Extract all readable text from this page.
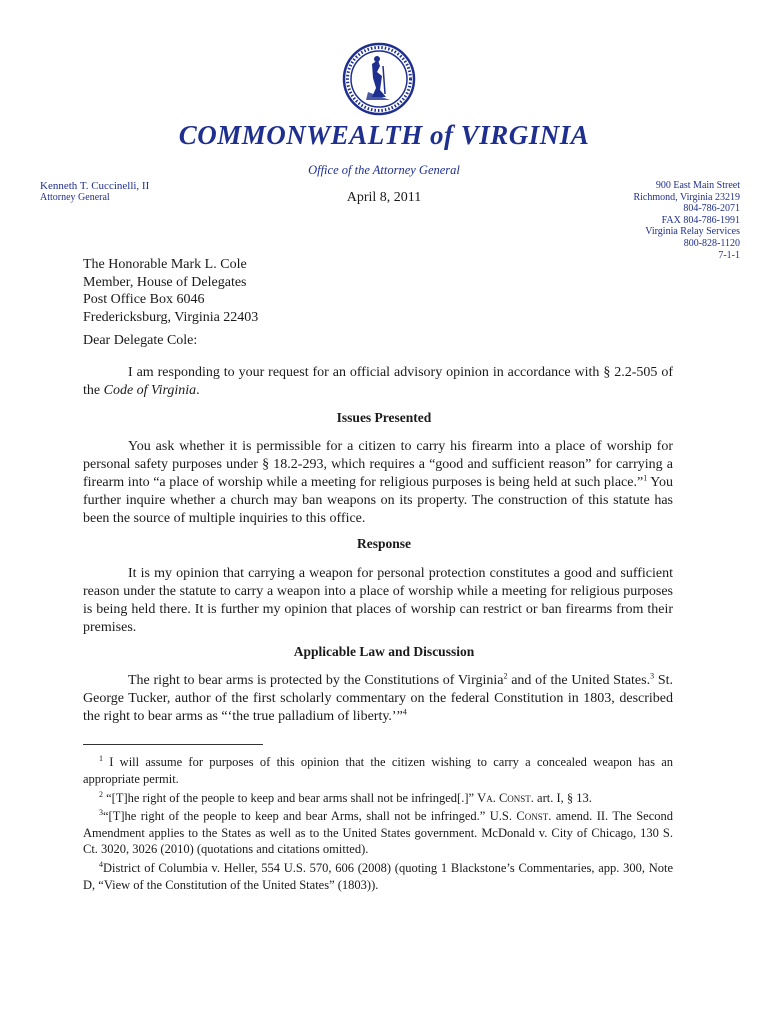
COMMONWEALTH of VIRGINIA
Office of the Attorney General
Kenneth T. Cuccinelli, II
Attorney General	April 8, 2011
900 East Main Street
Richmond, Virginia 23219
804-786-2071
FAX 804-786-1991
Virginia Relay Services
800-828-1120
7-1-1
The Honorable Mark L. Cole
Member, House of Delegates
Post Office Box 6046
Fredericksburg, Virginia 22403
Dear Delegate Cole:
I am responding to your request for an official advisory opinion in accordance with § 2.2-505 of the Code of Virginia.
Issues Presented
You ask whether it is permissible for a citizen to carry his firearm into a place of worship for personal safety purposes under § 18.2-293, which requires a “good and sufficient reason” for carrying a firearm into “a place of worship while a meeting for religious purposes is being held at such place.”$^1$ You further inquire whether a church may ban weapons on its property. The construction of this statute has been the source of multiple inquiries to this office.
Response
It is my opinion that carrying a weapon for personal protection constitutes a good and sufficient reason under the statute to carry a weapon into a place of worship while a meeting for religious purposes is being held there. It is further my opinion that places of worship can restrict or ban firearms from their premises.
Applicable Law and Discussion
The right to bear arms is protected by the Constitutions of Virginia$^2$ and of the United States.$^3$ St. George Tucker, author of the first scholarly commentary on the federal Constitution in 1803, described the right to bear arms as “‘the true palladium of liberty.’”$^4$
$^1$ I will assume for purposes of this opinion that the citizen wishing to carry a concealed weapon has an appropriate permit.
$^2$ “[T]he right of the people to keep and bear arms shall not be infringed[.]” Va. Const. art. I, § 13.
$^3$“[T]he right of the people to keep and bear Arms, shall not be infringed.” U.S. Const. amend. II. The Second Amendment applies to the States as well as to the United States government. McDonald v. City of Chicago, 130 S. Ct. 3020, 3026 (2010) (quotations and citations omitted).
$^4$District of Columbia v. Heller, 554 U.S. 570, 606 (2008) (quoting 1 Blackstone’s Commentaries, app. 300, Note D, “View of the Constitution of the United States” (1803)).
